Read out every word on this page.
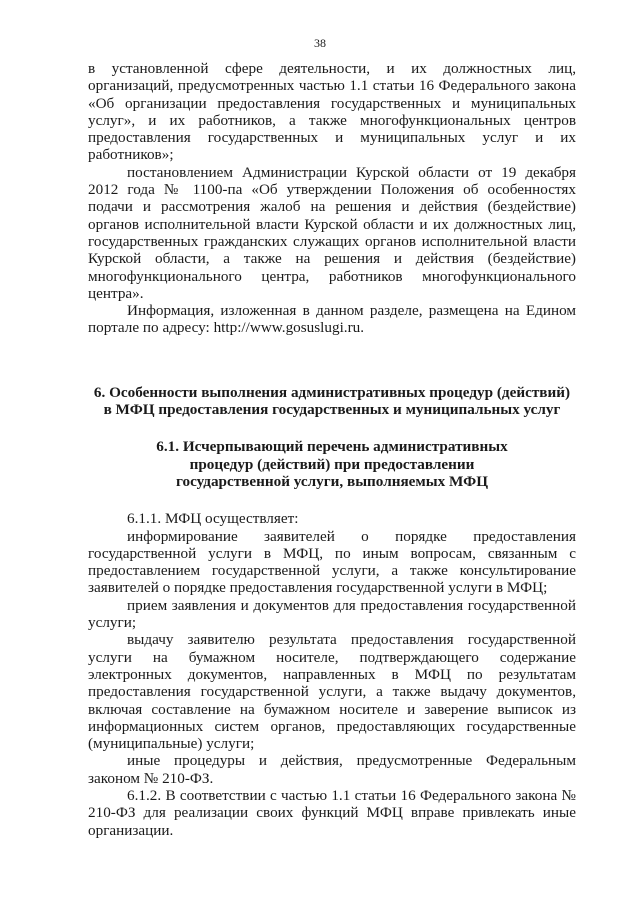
38

в установленной сфере деятельности, и их должностных лиц, организаций, предусмотренных частью 1.1 статьи 16 Федерального закона «Об организации предоставления государственных и муниципальных услуг», и их работников, а также многофункциональных центров предоставления государственных и муниципальных услуг и их работников»;

постановлением Администрации Курской области от 19 декабря 2012 года № 1100-па «Об утверждении Положения об особенностях подачи и рассмотрения жалоб на решения и действия (бездействие) органов исполнительной власти Курской области и их должностных лиц, государственных гражданских служащих органов исполнительной власти Курской области, а также на решения и действия (бездействие) многофункционального центра, работников многофункционального центра».

Информация, изложенная в данном разделе, размещена на Едином портале по адресу: http://www.gosuslugi.ru.

6. Особенности выполнения административных процедур (действий) в МФЦ предоставления государственных и муниципальных услуг
6.1. Исчерпывающий перечень административных процедур (действий) при предоставлении государственной услуги, выполняемых МФЦ

6.1.1. МФЦ осуществляет:

информирование заявителей о порядке предоставления государственной услуги в МФЦ, по иным вопросам, связанным с предоставлением государственной услуги, а также консультирование заявителей о порядке предоставления государственной услуги в МФЦ;

прием заявления и документов для предоставления государственной услуги;

выдачу заявителю результата предоставления государственной услуги на бумажном носителе, подтверждающего содержание электронных документов, направленных в МФЦ по результатам предоставления государственной услуги, а также выдачу документов, включая составление на бумажном носителе и заверение выписок из информационных систем органов, предоставляющих государственные (муниципальные) услуги;

иные процедуры и действия, предусмотренные Федеральным законом № 210-ФЗ.

6.1.2. В соответствии с частью 1.1 статьи 16 Федерального закона № 210-ФЗ для реализации своих функций МФЦ вправе привлекать иные организации.
